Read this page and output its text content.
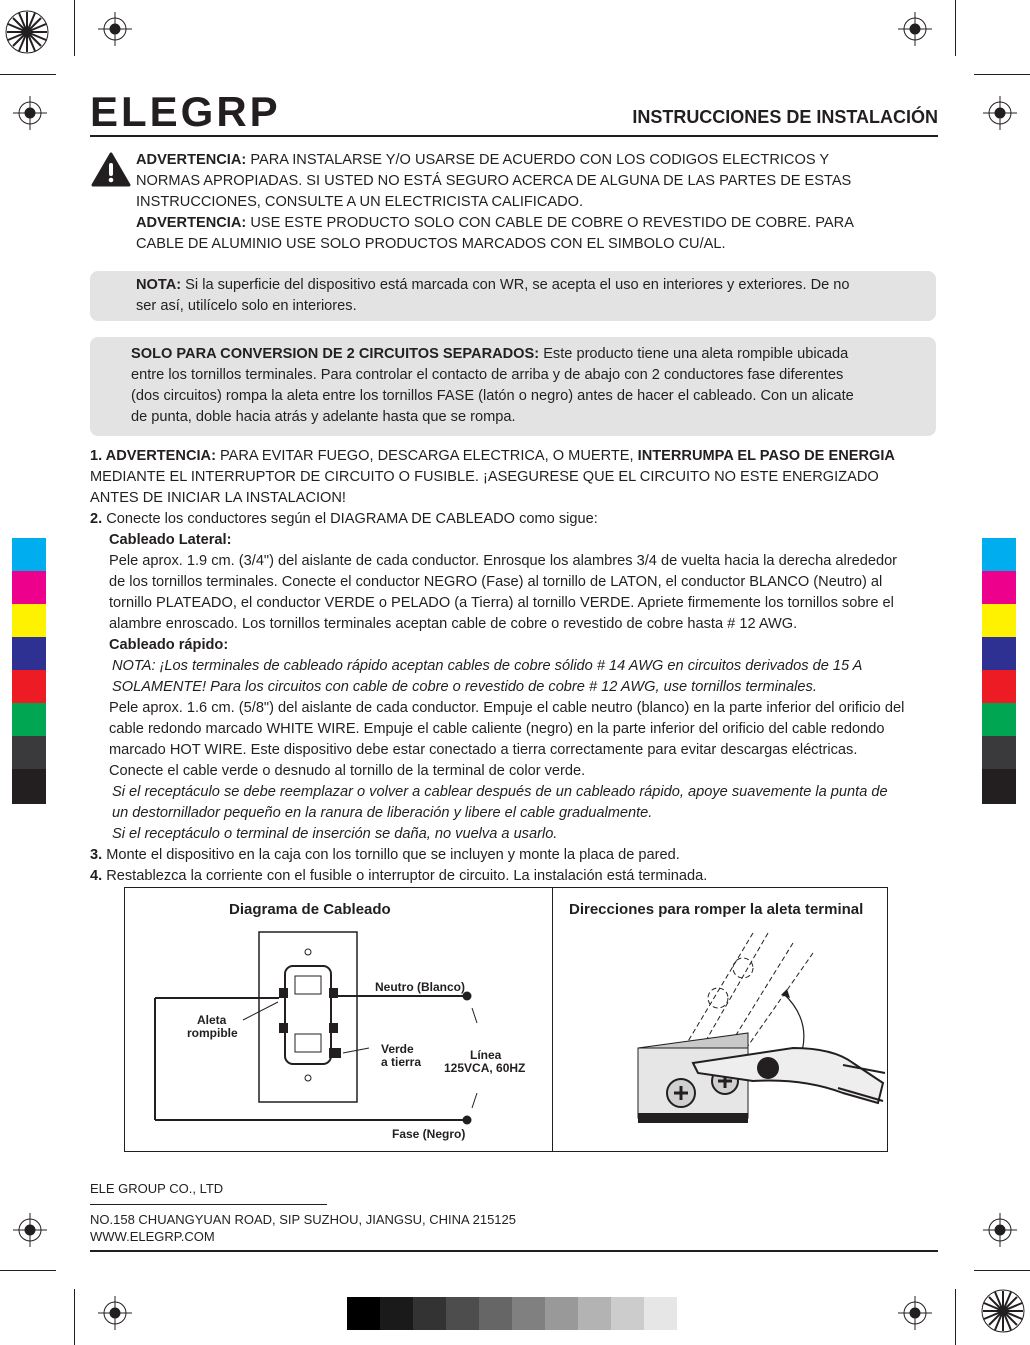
ELEGRP	INSTRUCCIONES DE INSTALACIÓN
ADVERTENCIA: PARA INSTALARSE Y/O USARSE DE ACUERDO CON LOS CODIGOS ELECTRICOS Y
NORMAS APROPIADAS. SI USTED NO ESTÁ SEGURO ACERCA DE ALGUNA DE LAS PARTES DE ESTAS
INSTRUCCIONES, CONSULTE A UN ELECTRICISTA CALIFICADO.
ADVERTENCIA: USE ESTE PRODUCTO SOLO CON CABLE DE COBRE O REVESTIDO DE COBRE. PARA
CABLE DE ALUMINIO USE SOLO PRODUCTOS MARCADOS CON EL SIMBOLO CU/AL.
NOTA: Si la superficie del dispositivo está marcada con WR, se acepta el uso en interiores y exteriores. De no
ser así, utilícelo solo en interiores.
SOLO PARA CONVERSION DE 2 CIRCUITOS SEPARADOS: Este producto tiene una aleta rompible ubicada
entre los tornillos terminales. Para controlar el contacto de arriba y de abajo con 2 conductores fase diferentes
(dos circuitos) rompa la aleta entre los tornillos FASE (latón o negro) antes de hacer el cableado. Con un alicate
de punta, doble hacia atrás y adelante hasta que se rompa.
1. ADVERTENCIA: PARA EVITAR FUEGO, DESCARGA ELECTRICA, O MUERTE, INTERRUMPA EL PASO DE ENERGIA
MEDIANTE EL INTERRUPTOR DE CIRCUITO O FUSIBLE. ¡ASEGURESE QUE EL CIRCUITO NO ESTE ENERGIZADO
ANTES DE INICIAR LA INSTALACION!
2. Conecte los conductores según el DIAGRAMA DE CABLEADO como sigue:
Cableado Lateral:
Pele aprox. 1.9 cm. (3/4") del aislante de cada conductor. Enrosque los alambres 3/4 de vuelta hacia la derecha alrededor
de los tornillos terminales. Conecte el conductor NEGRO (Fase) al tornillo de LATON, el conductor BLANCO (Neutro) al
tornillo PLATEADO, el conductor VERDE o PELADO (a Tierra) al tornillo VERDE. Apriete firmemente los tornillos sobre el
alambre enroscado. Los tornillos terminales aceptan cable de cobre o revestido de cobre hasta # 12 AWG.
Cableado rápido:
NOTA: ¡Los terminales de cableado rápido aceptan cables de cobre sólido # 14 AWG en circuitos derivados de 15 A
SOLAMENTE! Para los circuitos con cable de cobre o revestido de cobre # 12 AWG, use tornillos terminales.
Pele aprox. 1.6 cm. (5/8") del aislante de cada conductor. Empuje el cable neutro (blanco) en la parte inferior del orificio del
cable redondo marcado WHITE WIRE. Empuje el cable caliente (negro) en la parte inferior del orificio del cable redondo
marcado HOT WIRE. Este dispositivo debe estar conectado a tierra correctamente para evitar descargas eléctricas.
Conecte el cable verde o desnudo al tornillo de la terminal de color verde.
Si el receptáculo se debe reemplazar o volver a cablear después de un cableado rápido, apoye suavemente la punta de
un destornillador pequeño en la ranura de liberación y libere el cable gradualmente.
Si el receptáculo o terminal de inserción se daña, no vuelva a usarlo.
3. Monte el dispositivo en la caja con los tornillo que se incluyen y monte la placa de pared.
4. Restablezca la corriente con el fusible o interruptor de circuito. La instalación está terminada.
Diagrama de Cableado	Direcciones para romper la aleta terminal
Neutro (Blanco)
Aleta
rompible
Verde
a tierra	Línea
125VCA, 60HZ
Fase (Negro)
ELE GROUP CO., LTD
NO.158 CHUANGYUAN ROAD, SIP SUZHOU, JIANGSU, CHINA 215125
WWW.ELEGRP.COM
